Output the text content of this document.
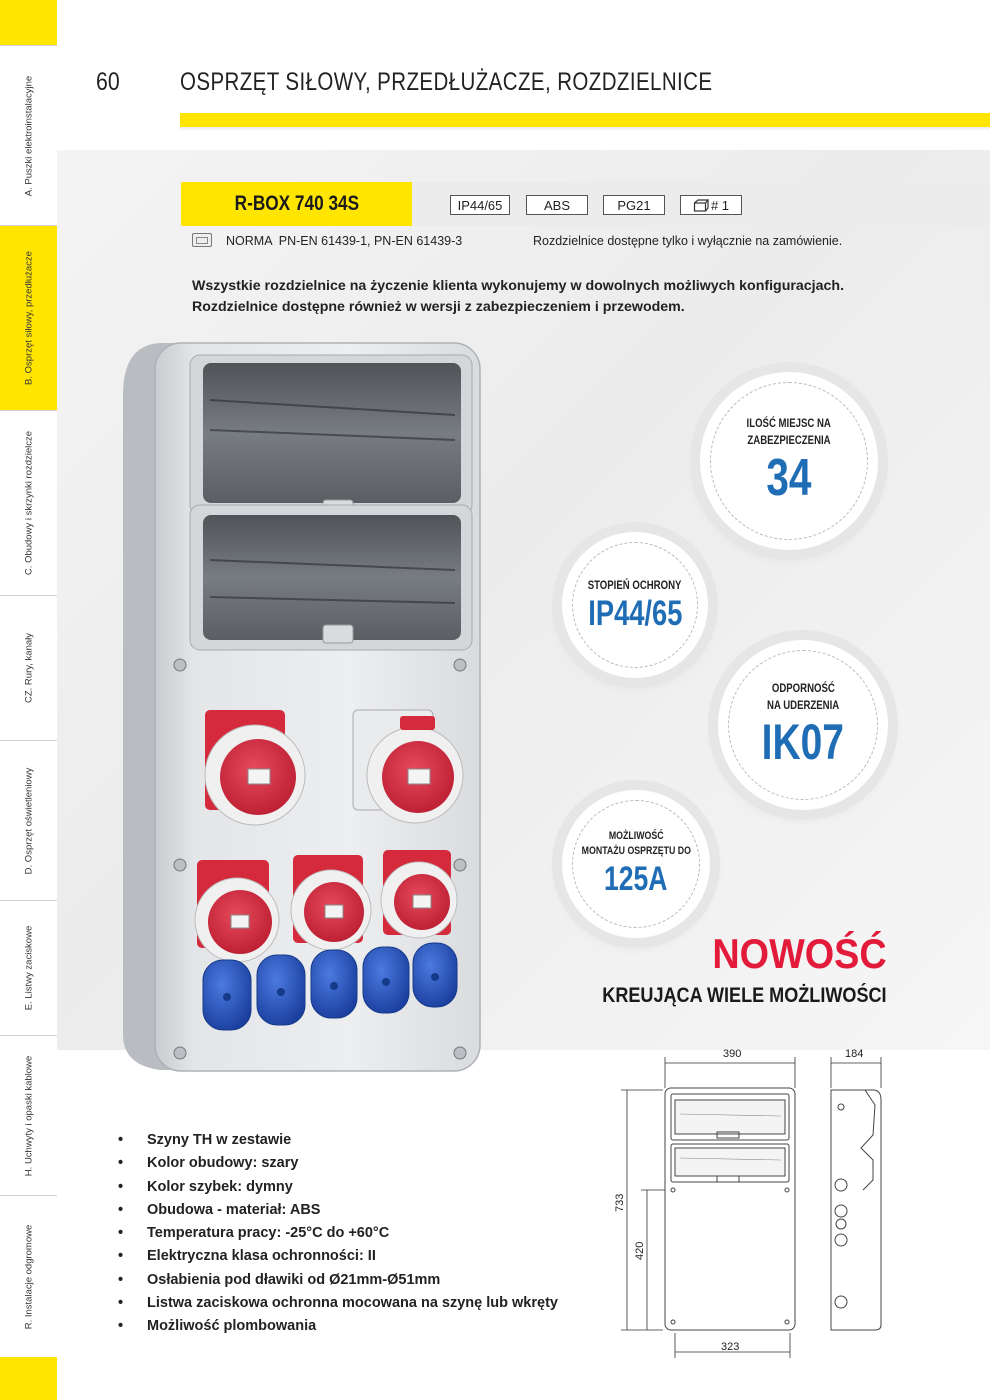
A. Puszki elektroinstalacyjne
B. Osprzęt siłowy, przedłużacze
C. Obudowy i skrzynki rozdzielcze
CZ. Rury, kanały
D. Osprzęt oświetleniowy
E. Listwy zaciskowe
H. Uchwyty i opaski kablowe
R. Instalacje odgromowe
60 OSPRZĘT SIŁOWY, PRZEDŁUŻACZE, ROZDZIELNICE
R-BOX 740 34S	IP44/65	ABS	PG21	# 1
NORMA  PN-EN 61439-1, PN-EN 61439-3	Rozdzielnice dostępne tylko i wyłącznie na zamówienie.
Wszystkie rozdzielnice na życzenie klienta wykonujemy w dowolnych możliwych konfiguracjach.
Rozdzielnice dostępne również w wersji z zabezpieczeniem i przewodem.
ILOŚĆ MIEJSC NA
ZABEZPIECZENIA
34
STOPIEŃ OCHRONY
IP44/65
ODPORNOŚĆ
NA UDERZENIA
IK07
MOŻLIWOŚĆ
MONTAŻU OSPRZĘTU DO
125A
NOWOŚĆ
KREUJĄCA WIELE MOŻLIWOŚCI
• Szyny TH w zestawie
• Kolor obudowy: szary
• Kolor szybek: dymny
• Obudowa - materiał: ABS
• Temperatura pracy: -25°C do +60°C
• Elektryczna klasa ochronności: II
• Osłabienia pod dławiki od Ø21mm-Ø51mm
• Listwa zaciskowa ochronna mocowana na szynę lub wkręty
• Możliwość plombowania
390	184
733
420
323
